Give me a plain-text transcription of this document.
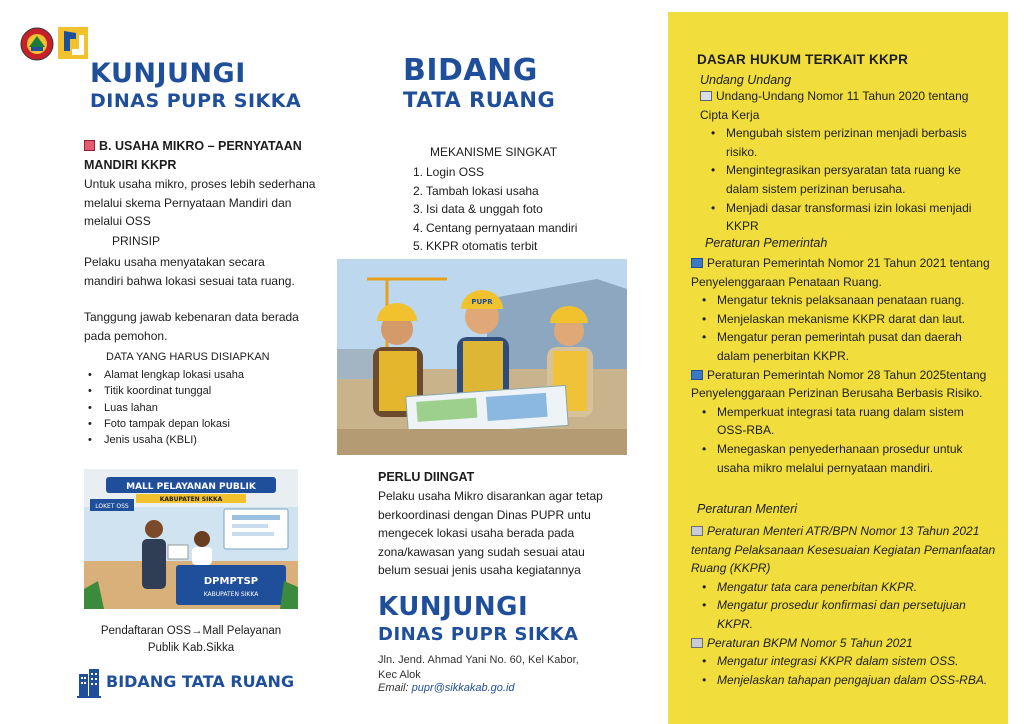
KUNJUNGI
DINAS PUPR SIKKA
B. USAHA MIKRO – PERNYATAAN MANDIRI KKPR
Untuk usaha mikro, proses lebih sederhana melalui skema Pernyataan Mandiri dan melalui OSS
PRINSIP
Pelaku usaha menyatakan secara mandiri bahwa lokasi sesuai tata ruang.
Tanggung jawab kebenaran data berada pada pemohon.
DATA YANG HARUS DISIAPKAN
• Alamat lengkap lokasi usaha
• Titik koordinat tunggal
• Luas lahan
• Foto tampak depan lokasi
• Jenis usaha (KBLI)
MALL PELAYANAN PUBLIK
KABUPATEN SIKKA
LOKET OSS
DPMPTSP
KABUPATEN SIKKA
Pendaftaran OSS→Mall Pelayanan Publik Kab.Sikka
BIDANG TATA RUANG
BIDANG
TATA RUANG
MEKANISME SINGKAT
1. Login OSS
2. Tambah lokasi usaha
3. Isi data & unggah foto
4. Centang pernyataan mandiri
5. KKPR otomatis terbit
PUPR
PERLU DIINGAT
Pelaku usaha Mikro disarankan agar tetap berkoordinasi dengan Dinas PUPR untu mengecek lokasi usaha berada pada zona/kawasan yang sudah sesuai atau belum sesuai jenis usaha kegiatannya
KUNJUNGI
DINAS PUPR SIKKA
Jln. Jend. Ahmad Yani No. 60, Kel Kabor, Kec Alok
Email: pupr@sikkakab.go.id
DASAR HUKUM TERKAIT KKPR
Undang Undang
Undang-Undang Nomor 11 Tahun 2020 tentang Cipta Kerja
• Mengubah sistem perizinan menjadi berbasis risiko.
• Mengintegrasikan persyaratan tata ruang ke dalam sistem perizinan berusaha.
• Menjadi dasar transformasi izin lokasi menjadi KKPR
Peraturan Pemerintah
Peraturan Pemerintah Nomor 21 Tahun 2021 tentang Penyelenggaraan Penataan Ruang.
• Mengatur teknis pelaksanaan penataan ruang.
• Menjelaskan mekanisme KKPR darat dan laut.
• Mengatur peran pemerintah pusat dan daerah dalam penerbitan KKPR.
Peraturan Pemerintah Nomor 28 Tahun 2025tentang Penyelenggaraan Perizinan Berusaha Berbasis Risiko.
• Memperkuat integrasi tata ruang dalam sistem OSS-RBA.
• Menegaskan penyederhanaan prosedur untuk usaha mikro melalui pernyataan mandiri.
Peraturan Menteri
Peraturan Menteri ATR/BPN Nomor 13 Tahun 2021 tentang Pelaksanaan Kesesuaian Kegiatan Pemanfaatan Ruang (KKPR)
• Mengatur tata cara penerbitan KKPR.
• Mengatur prosedur konfirmasi dan persetujuan KKPR.
Peraturan BKPM Nomor 5 Tahun 2021
• Mengatur integrasi KKPR dalam sistem OSS.
• Menjelaskan tahapan pengajuan dalam OSS-RBA.
